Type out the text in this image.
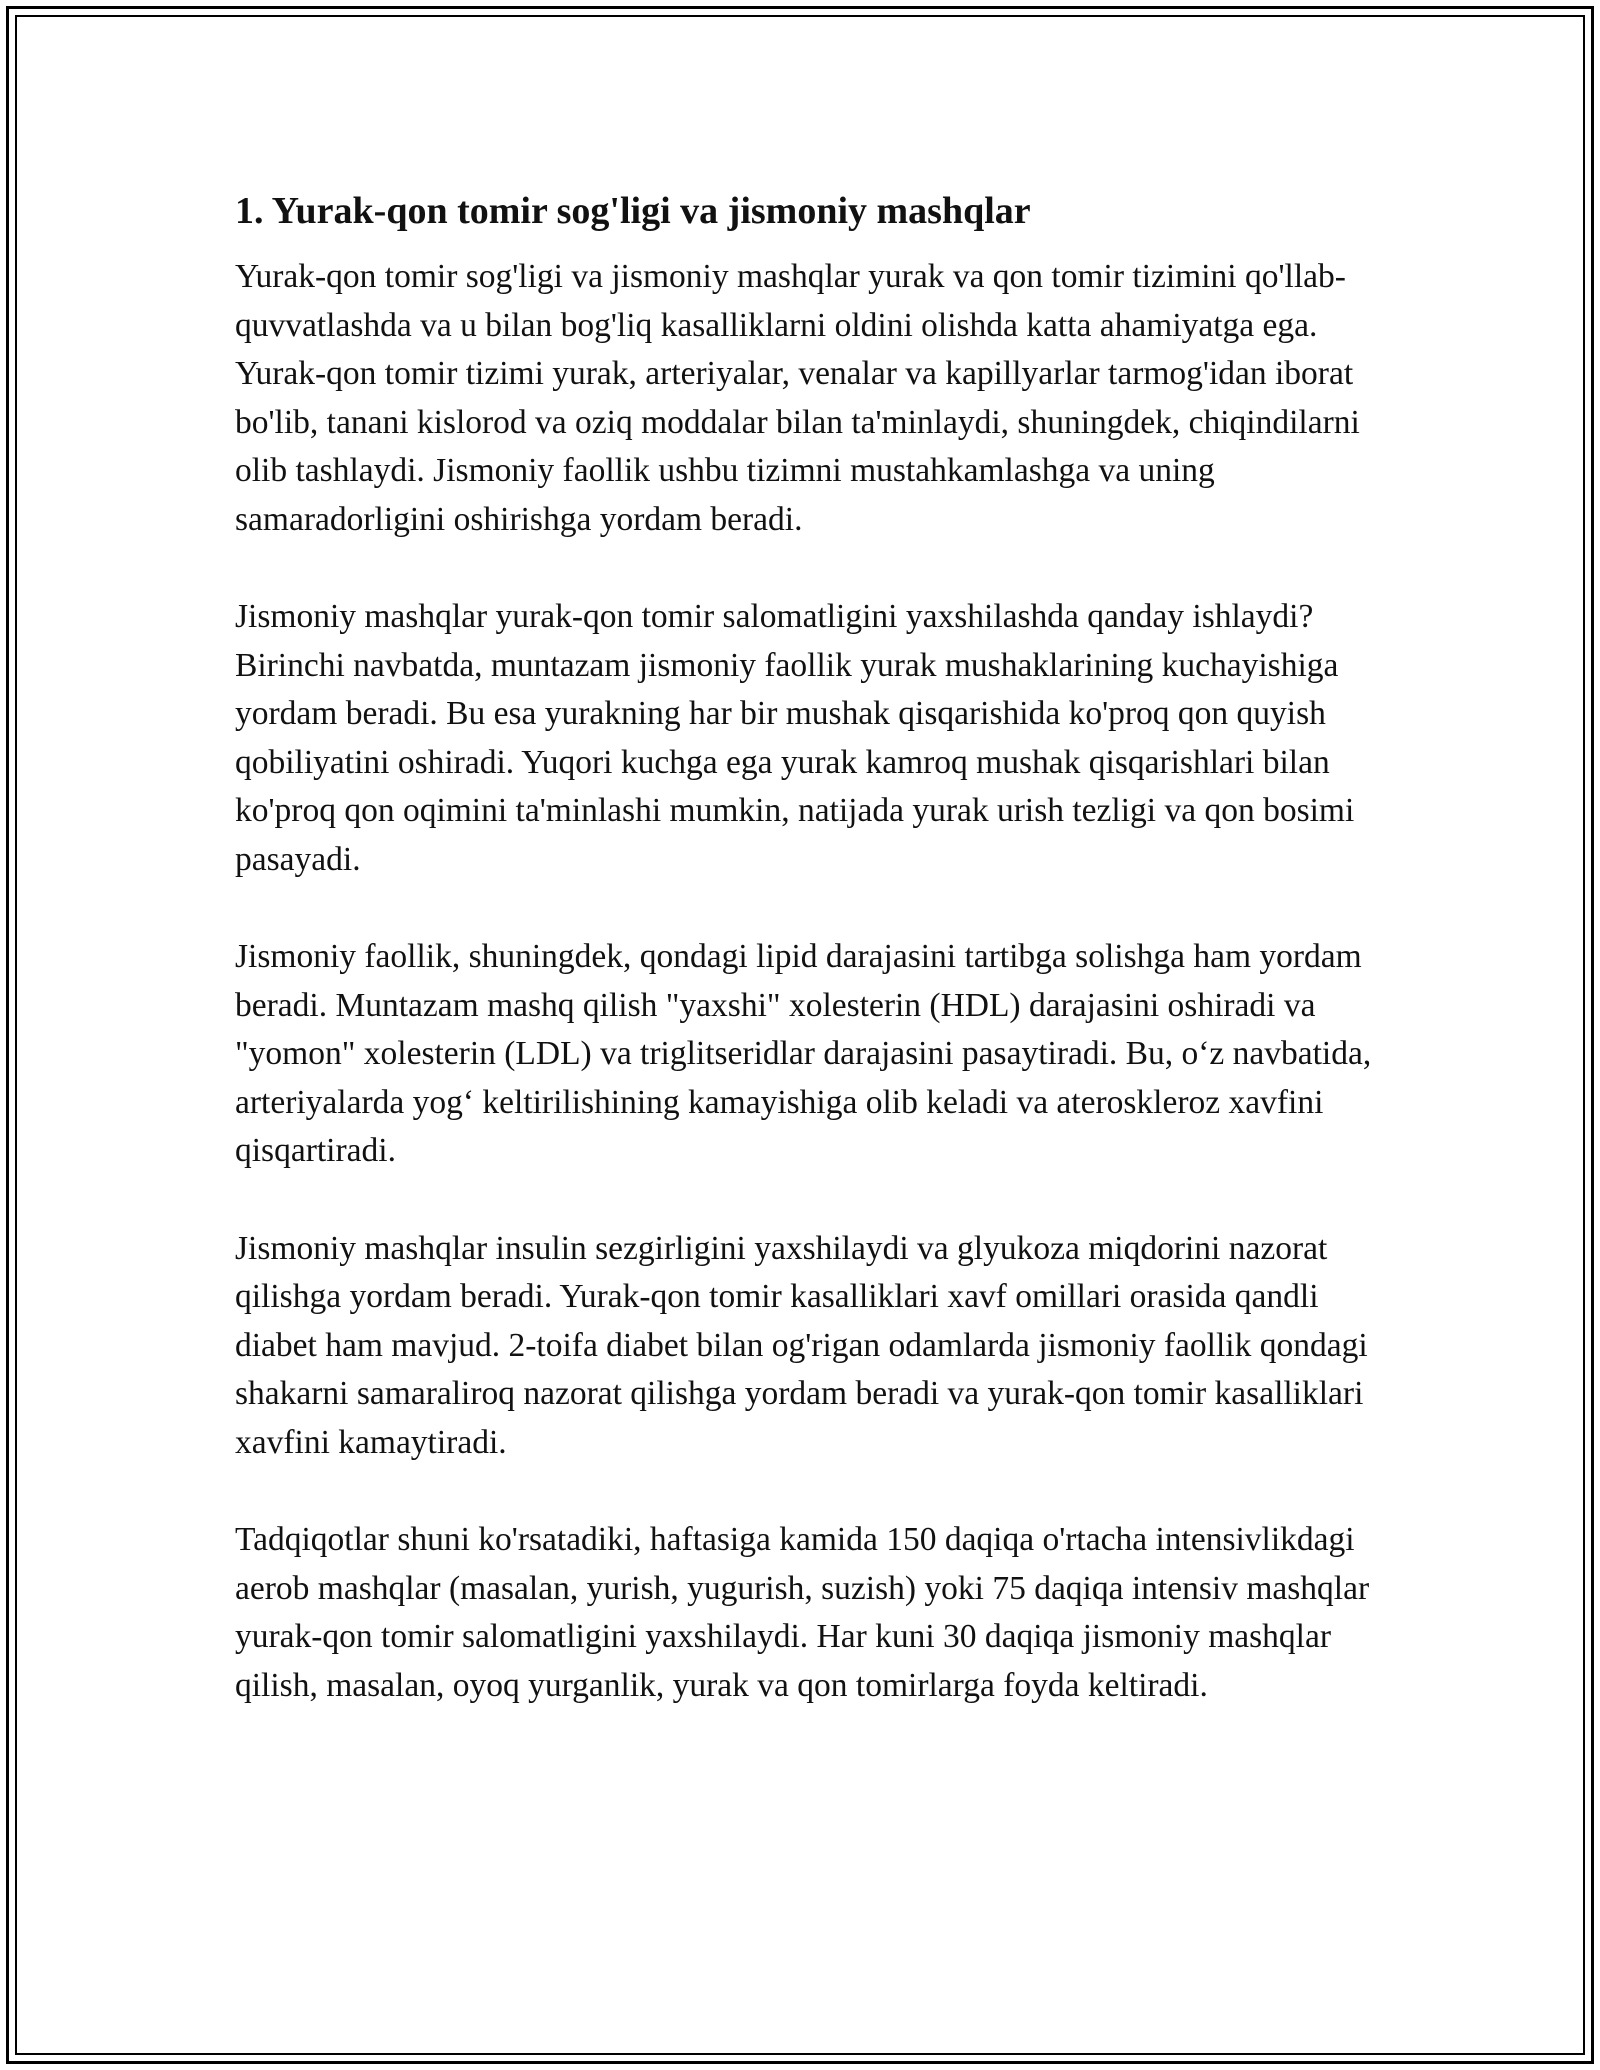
1. Yurak-qon tomir sog'ligi va jismoniy mashqlar

Yurak-qon tomir sog'ligi va jismoniy mashqlar yurak va qon tomir tizimini qo'llab-quvvatlashda va u bilan bog'liq kasalliklarni oldini olishda katta ahamiyatga ega. Yurak-qon tomir tizimi yurak, arteriyalar, venalar va kapillyarlar tarmog'idan iborat bo'lib, tanani kislorod va oziq moddalar bilan ta'minlaydi, shuningdek, chiqindilarni olib tashlaydi. Jismoniy faollik ushbu tizimni mustahkamlashga va uning samaradorligini oshirishga yordam beradi.

Jismoniy mashqlar yurak-qon tomir salomatligini yaxshilashda qanday ishlaydi? Birinchi navbatda, muntazam jismoniy faollik yurak mushaklarining kuchayishiga yordam beradi. Bu esa yurakning har bir mushak qisqarishida ko'proq qon quyish qobiliyatini oshiradi. Yuqori kuchga ega yurak kamroq mushak qisqarishlari bilan ko'proq qon oqimini ta'minlashi mumkin, natijada yurak urish tezligi va qon bosimi pasayadi.

Jismoniy faollik, shuningdek, qondagi lipid darajasini tartibga solishga ham yordam beradi. Muntazam mashq qilish "yaxshi" xolesterin (HDL) darajasini oshiradi va "yomon" xolesterin (LDL) va triglitseridlar darajasini pasaytiradi. Bu, o‘z navbatida, arteriyalarda yog‘ keltirilishining kamayishiga olib keladi va ateroskleroz xavfini qisqartiradi.

Jismoniy mashqlar insulin sezgirligini yaxshilaydi va glyukoza miqdorini nazorat qilishga yordam beradi. Yurak-qon tomir kasalliklari xavf omillari orasida qandli diabet ham mavjud. 2-toifa diabet bilan og'rigan odamlarda jismoniy faollik qondagi shakarni samaraliroq nazorat qilishga yordam beradi va yurak-qon tomir kasalliklari xavfini kamaytiradi.

Tadqiqotlar shuni ko'rsatadiki, haftasiga kamida 150 daqiqa o'rtacha intensivlikdagi aerob mashqlar (masalan, yurish, yugurish, suzish) yoki 75 daqiqa intensiv mashqlar yurak-qon tomir salomatligini yaxshilaydi. Har kuni 30 daqiqa jismoniy mashqlar qilish, masalan, oyoq yurganlik, yurak va qon tomirlarga foyda keltiradi.
